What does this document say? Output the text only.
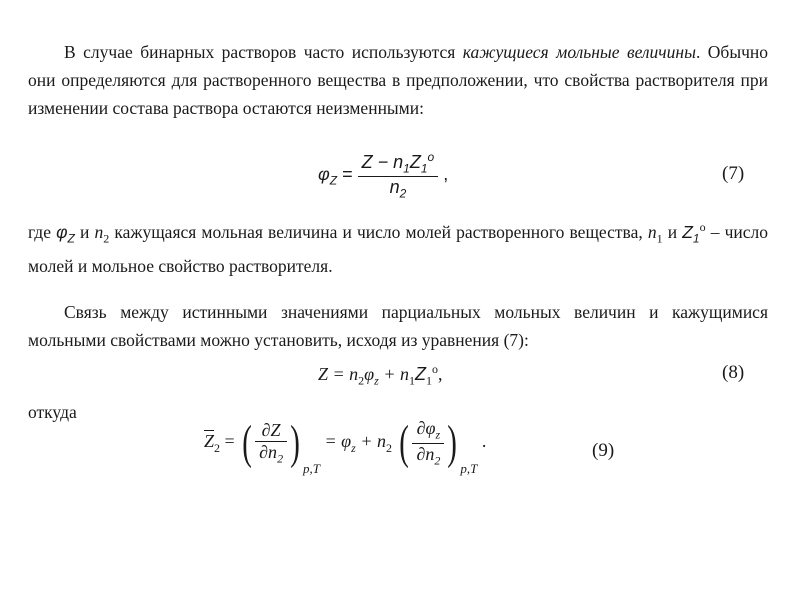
В случае бинарных растворов часто используются кажущиеся мольные величины. Обычно они определяются для растворенного вещества в предположении, что свойства растворителя при изменении состава раствора остаются неизменными:
$\varphi_Z = \frac{Z - n_1Z_1^o}{n_2}$ ,	(7)
где $\varphi_Z$ и $n_2$ кажущаяся мольная величина и число молей растворенного вещества, $n_1$ и $Z_1^o$ – число молей и мольное свойство растворителя.
Связь между истинными значениями парциальных мольных величин и кажущимися мольными свойствами можно установить, исходя из уравнения (7):
$Z = n_2\varphi_z + n_1Z_1^o$,	(8)
откуда
$\overline{Z}_2$ = ( $\frac{\partial Z}{\partial n_2}$ ) $_{p,T} = \varphi_z + n_2$ ( $\frac{\partial\varphi_z}{\partial n_2}$ ) $_{p,T}$ .	(9)
